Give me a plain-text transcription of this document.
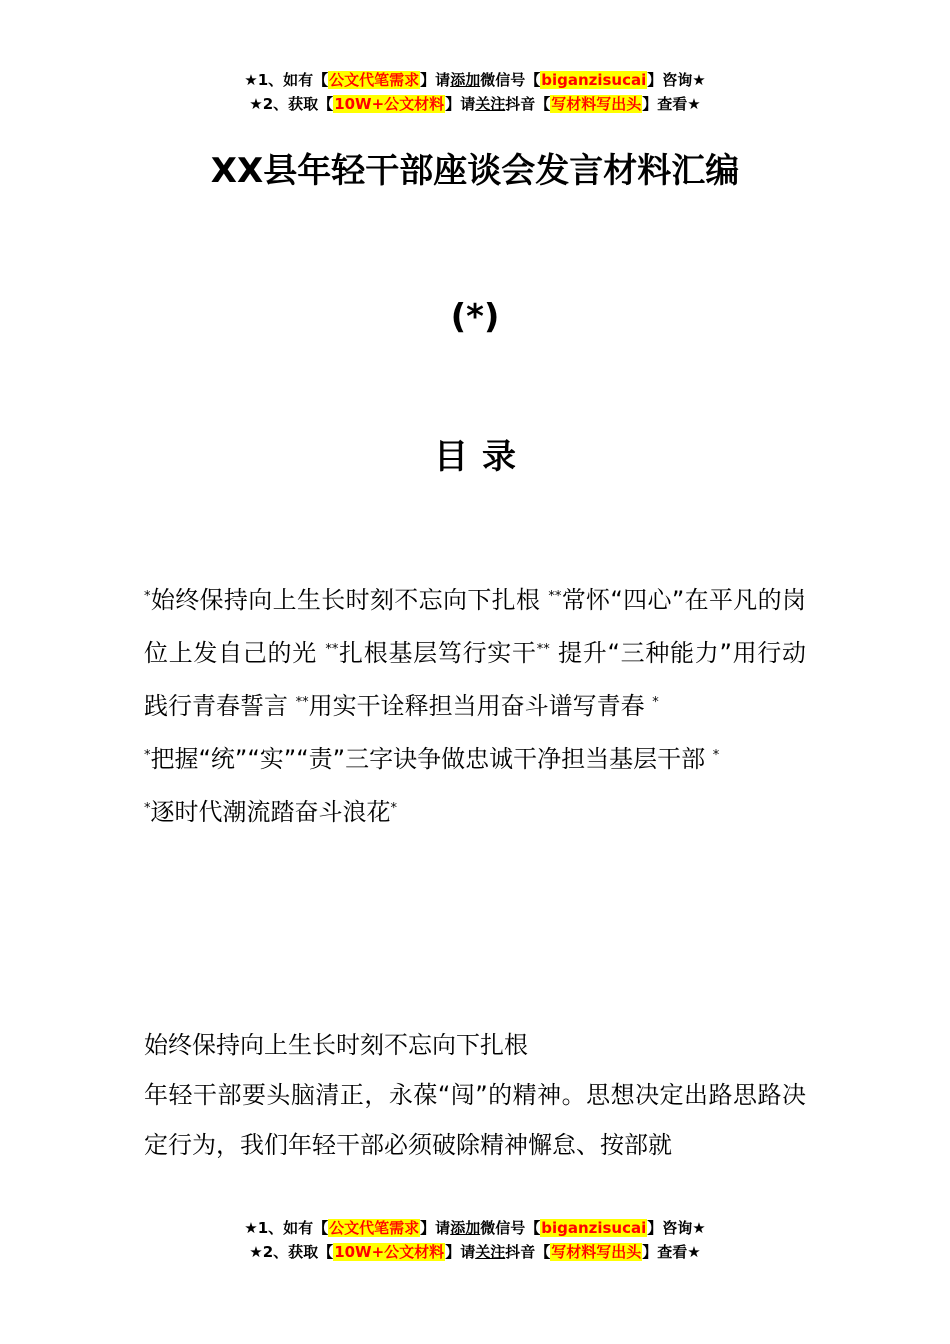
★1、如有【公文代笔需求】请添加微信号【biganzisucai】咨询★
★2、获取【10W+公文材料】请关注抖音【写材料写出头】查看★
XX县年轻干部座谈会发言材料汇编
(*)
目录

*始终保持向上生长时刻不忘向下扎根 **常怀“四心”在平凡的岗位上发自己的光 **扎根基层笃行实干** 提升“三种能力”用行动践行青春誓言 **用实干诠释担当用奋斗谱写青春 *

*把握“统”“实”“责”三字诀争做忠诚干净担当基层干部 *

*逐时代潮流踏奋斗浪花*

始终保持向上生长时刻不忘向下扎根

年轻干部要头脑清正，永葆“闯”的精神。思想决定出路思路决定行为，我们年轻干部必须破除精神懈怠、按部就

★1、如有【公文代笔需求】请添加微信号【biganzisucai】咨询★
★2、获取【10W+公文材料】请关注抖音【写材料写出头】查看★
